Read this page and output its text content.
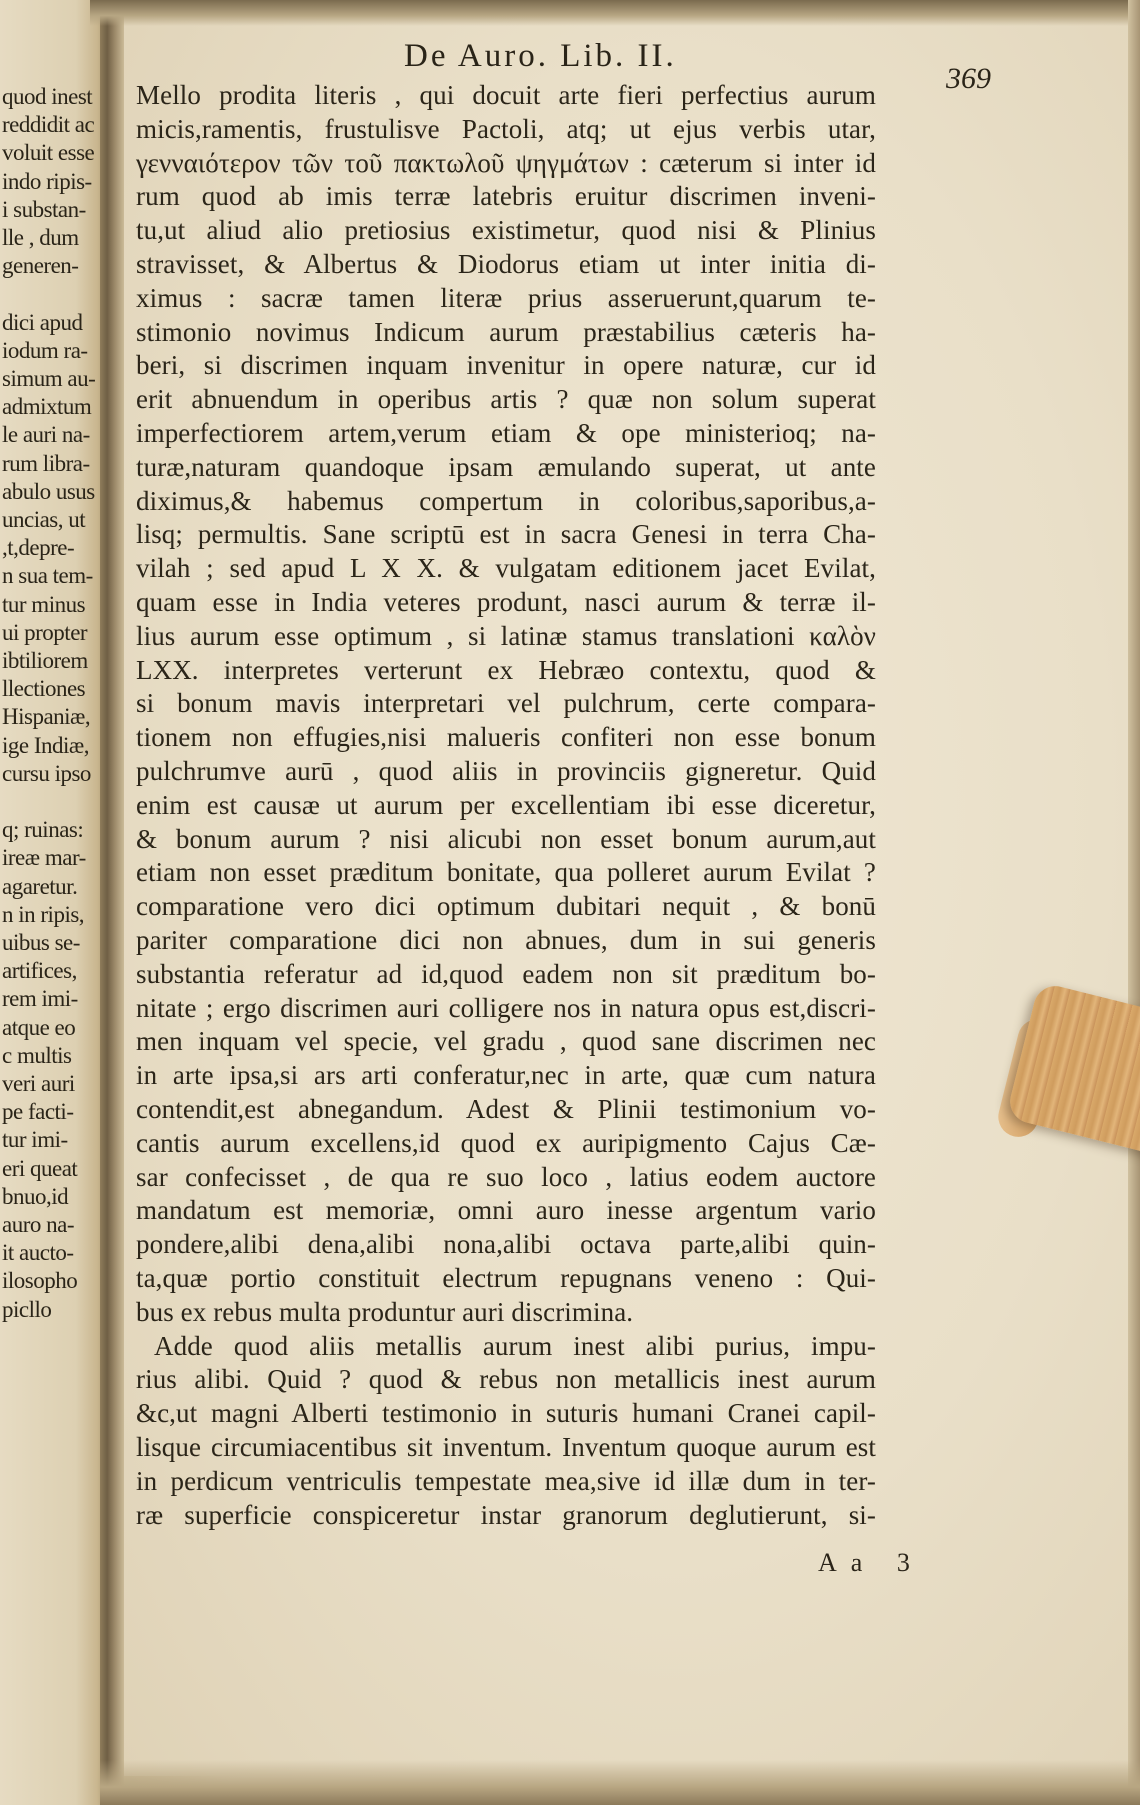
quod inest
reddidit ac
voluit esse
indo ripis-
i substan-
lle , dum
generen-
dici apud
iodum ra-
simum au-
admixtum
le auri na-
rum libra-
abulo usus
uncias, ut
,t,depre-
n sua tem-
tur minus
ui propter
ibtiliorem
llectiones
Hispaniæ,
ige Indiæ,
cursu ipso
q; ruinas:
ireæ mar-
agaretur.
n in ripis,
uibus se-
artifices,
rem imi-
atque eo
c multis
veri auri
pe facti-
tur imi-
eri queat
bnuo,id
auro na-
it aucto-
ilosopho
picllo
De Auro. Lib. II.
369
Aa 3
Mello prodita literis , qui docuit arte fieri perfectius aurum
micis,ramentis, frustulisve Pactoli, atq; ut ejus verbis utar,
γενναιότερον τῶν τοῦ πακτωλοῦ ψηγμάτων : cæterum si inter id
rum quod ab imis terræ latebris eruitur discrimen inveni-
tu,ut aliud alio pretiosius existimetur, quod nisi & Plinius
stravisset, & Albertus & Diodorus etiam ut inter initia di-
ximus : sacræ tamen literæ prius asseruerunt,quarum te-
stimonio novimus Indicum aurum præstabilius cæteris ha-
beri, si discrimen inquam invenitur in opere naturæ, cur id
erit abnuendum in operibus artis ? quæ non solum superat
imperfectiorem artem,verum etiam & ope ministerioq; na-
turæ,naturam quandoque ipsam æmulando superat, ut ante
diximus,& habemus compertum in coloribus,saporibus,a-
lisq; permultis. Sane scriptū est in sacra Genesi in terra Cha-
vilah ; sed apud L X X. & vulgatam editionem jacet Evilat,
quam esse in India veteres produnt, nasci aurum & terræ il-
lius aurum esse optimum , si latinæ stamus translationi καλὸν
LXX. interpretes verterunt ex Hebræo contextu, quod &
si bonum mavis interpretari vel pulchrum, certe compara-
tionem non effugies,nisi malueris confiteri non esse bonum
pulchrumve aurū , quod aliis in provinciis gigneretur. Quid
enim est causæ ut aurum per excellentiam ibi esse diceretur,
& bonum aurum ? nisi alicubi non esset bonum aurum,aut
etiam non esset præditum bonitate, qua polleret aurum Evilat ?
comparatione vero dici optimum dubitari nequit , & bonū
pariter comparatione dici non abnues, dum in sui generis
substantia referatur ad id,quod eadem non sit præditum bo-
nitate ; ergo discrimen auri colligere nos in natura opus est,discri-
men inquam vel specie, vel gradu , quod sane discrimen nec
in arte ipsa,si ars arti conferatur,nec in arte, quæ cum natura
contendit,est abnegandum. Adest & Plinii testimonium vo-
cantis aurum excellens,id quod ex auripigmento Cajus Cæ-
sar confecisset , de qua re suo loco , latius eodem auctore
mandatum est memoriæ, omni auro inesse argentum vario
pondere,alibi dena,alibi nona,alibi octava parte,alibi quin-
ta,quæ portio constituit electrum repugnans veneno : Qui-
bus ex rebus multa produntur auri discrimina.
Adde quod aliis metallis aurum inest alibi purius, impu-
rius alibi. Quid ? quod & rebus non metallicis inest aurum
&c,ut magni Alberti testimonio in suturis humani Cranei capil-
lisque circumiacentibus sit inventum. Inventum quoque aurum est
in perdicum ventriculis tempestate mea,sive id illæ dum in ter-
ræ superficie conspiceretur instar granorum deglutierunt, si-
